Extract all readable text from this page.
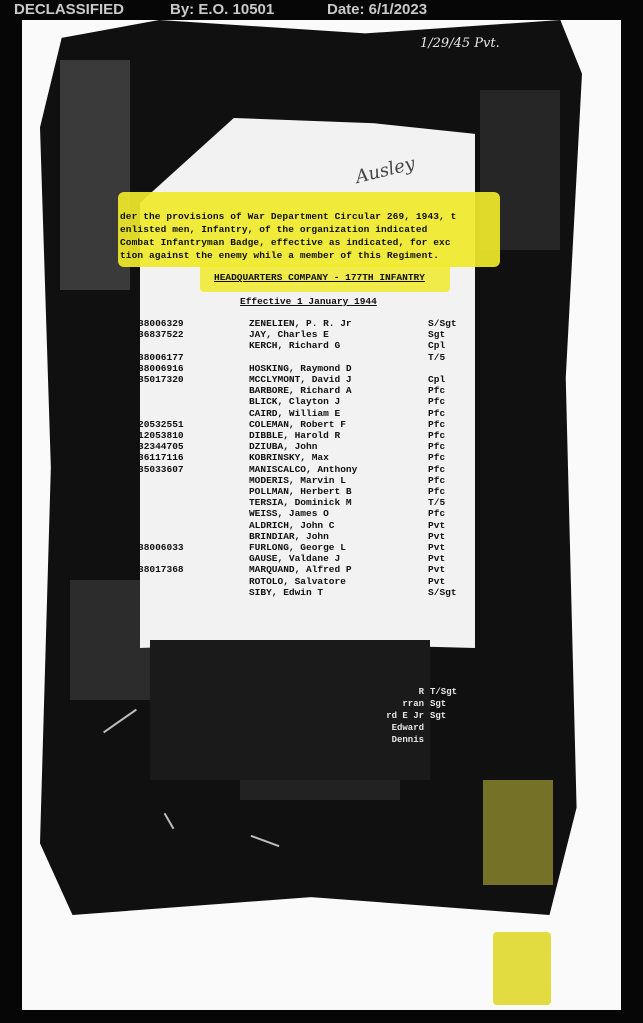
DECLASSIFIED	By: E.O. 10501	Date: 6/1/2023
1/29/45 Pvt.
Ausley
der the provisions of War Department Circular 269, 1943, t
enlisted men, Infantry, of the organization indicated
Combat Infantryman Badge, effective as indicated, for exc
tion against the enemy while a member of this Regiment.
HEADQUARTERS COMPANY - 177TH INFANTRY
Effective 1 January 1944
38006329	ZENELIEN, P. R. Jr	S/Sgt
36837522	JAY, Charles E	Sgt
	KERCH, Richard G	Cpl
38006177		T/5
38006916	HOSKING, Raymond D	
35017320	MCCLYMONT, David J	Cpl
	BARBORE, Richard A	Pfc
	BLICK, Clayton J	Pfc
	CAIRD, William E	Pfc
20532551	COLEMAN, Robert F	Pfc
12053810	DIBBLE, Harold R	Pfc
32344705	DZIUBA, John	Pfc
36117116	KOBRINSKY, Max	Pfc
35033607	MANISCALCO, Anthony	Pfc
	MODERIS, Marvin L	Pfc
	POLLMAN, Herbert B	Pfc
	TERSIA, Dominick M	T/5
	WEISS, James O	Pfc
	ALDRICH, John C	Pvt
	BRINDIAR, John	Pvt
38006033	FURLONG, George L	Pvt
	GAUSE, Valdane J	Pvt
38017368	MARQUAND, Alfred P	Pvt
	ROTOLO, Salvatore	Pvt
	SIBY, Edwin T	S/Sgt
R T/Sgt
rran Sgt
rd E Jr Sgt
Edward
Dennis
